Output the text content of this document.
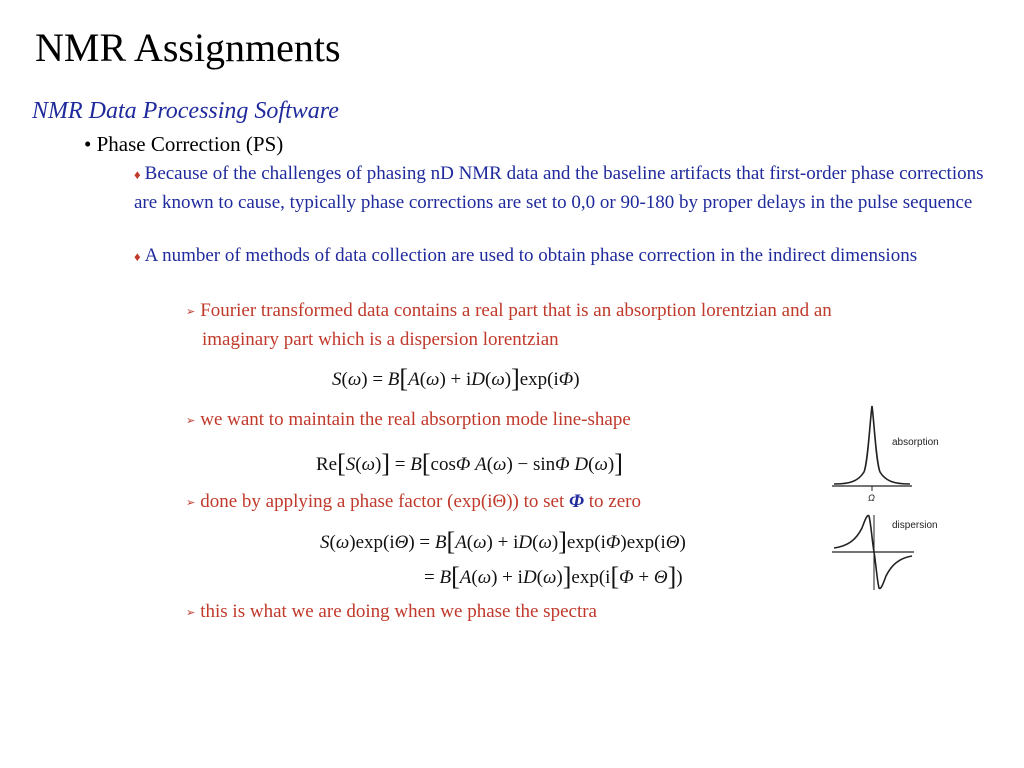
NMR Assignments
NMR Data Processing Software
• Phase Correction (PS)
♦ Because of the challenges of phasing nD NMR data and the baseline artifacts that first-order phase corrections are known to cause, typically phase corrections are set to 0,0 or 90-180 by proper delays in the pulse sequence
♦ A number of methods of data collection are used to obtain phase correction in the indirect dimensions
➢ Fourier transformed data contains a real part that is an absorption lorentzian and an
imaginary part which is a dispersion lorentzian
S(ω) = B[A(ω) + iD(ω)]exp(iΦ)
➢ we want to maintain the real absorption mode line-shape
Re[S(ω)] = B[cosΦ A(ω) − sinΦ D(ω)]
➢ done by applying a phase factor (exp(iΘ)) to set Φ to zero
S(ω)exp(iΘ) = B[A(ω) + iD(ω)]exp(iΦ)exp(iΘ)
= B[A(ω) + iD(ω)]exp(i[Φ + Θ])
➢ this is what we are doing when we phase the spectra
absorption
Ω
dispersion
